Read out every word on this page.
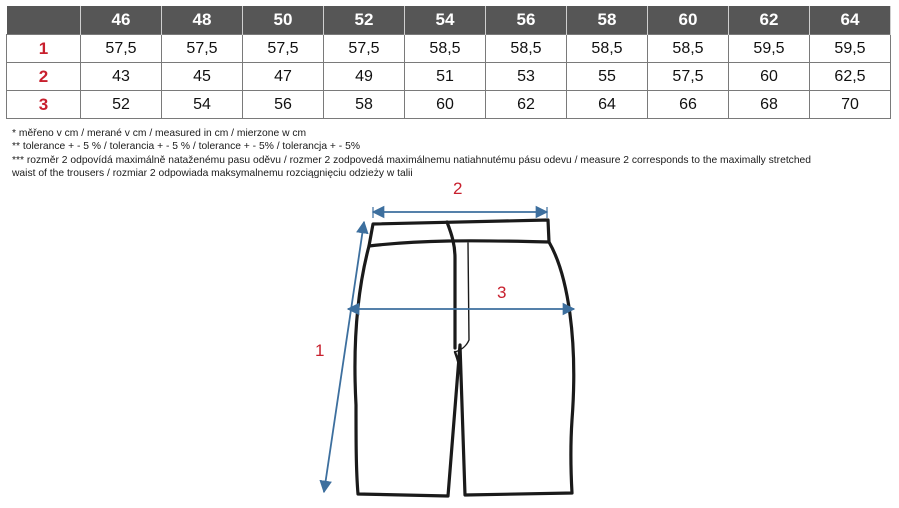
	46	48	50	52	54	56	58	60	62	64
1	57,5	57,5	57,5	57,5	58,5	58,5	58,5	58,5	59,5	59,5
2	43	45	47	49	51	53	55	57,5	60	62,5
3	52	54	56	58	60	62	64	66	68	70
* měřeno v cm / merané v cm / measured in cm / mierzone w cm
** tolerance + - 5 % / tolerancia + - 5 % / tolerance + - 5% / tolerancja + - 5%
*** rozměr 2 odpovídá maximálně nataženému pasu oděvu / rozmer 2 zodpovedá maximálnemu natiahnutému pásu odevu / measure 2 corresponds to the maximally stretched
waist of the trousers / rozmiar 2 odpowiada maksymalnemu rozciągnięciu odzieży w talii
2
3
1
